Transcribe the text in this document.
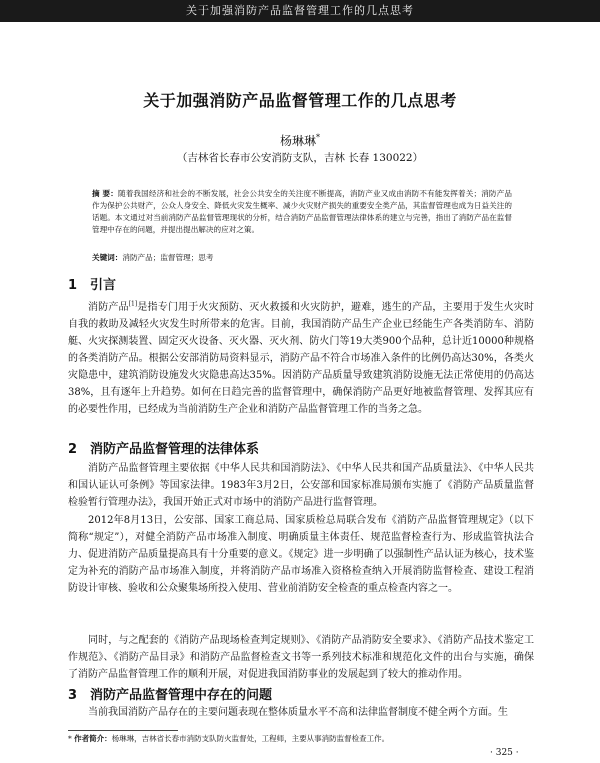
关于加强消防产品监督管理工作的几点思考
关于加强消防产品监督管理工作的几点思考
杨琳琳*
（吉林省长春市公安消防支队，吉林 长春 130022）
摘 要：随着我国经济和社会的不断发展，社会公共安全的关注度不断提高，消防产业又成由消防不有能发挥着关；消防产品作为保护公共财产，公众人身安全、降低火灾发生概率、减少火灾财产损失的重要安全类产品，其监督管理也成为日益关注的话题。本文通过对当前消防产品监督管理现状的分析，结合消防产品监督管理法律体系的建立与完善，指出了消防产品在监督管理中存在的问题，并提出提出解决的应对之策。
关键词：消防产品；监督管理；思考
1 引言
消防产品[1]是指专门用于火灾预防、灭火救援和火灾防护，避难，逃生的产品，主要用于发生火灾时自我的救助及减轻火灾发生时所带来的危害。目前，我国消防产品生产企业已经能生产各类消防车、消防艇、火灾探测装置、固定灭火设备、灭火器、灭火剂、防火门等19大类900个品种，总计近10000种规格的各类消防产品。根据公安部消防局资料显示，消防产品不符合市场准入条件的比例仍高达30%，各类火灾隐患中，建筑消防设施发火灾隐患高达35%。因消防产品质量导致建筑消防设施无法正常使用的仍高达38%，且有逐年上升趋势。如何在日趋完善的监督管理中，确保消防产品更好地被监督管理、发挥其应有的必要性作用，已经成为当前消防生产企业和消防产品监督管理工作的当务之急。
2 消防产品监督管理的法律体系
消防产品监督管理主要依据《中华人民共和国消防法》、《中华人民共和国产品质量法》、《中华人民共和国认证认可条例》等国家法律。1983年3月2日，公安部和国家标准局颁布实施了《消防产品质量监督检验暂行管理办法》，我国开始正式对市场中的消防产品进行监督管理。
2012年8月13日，公安部、国家工商总局、国家质检总局联合发布《消防产品监督管理规定》（以下简称“规定”），对健全消防产品市场准入制度、明确质量主体责任、规范监督检查行为、形成监管执法合力、促进消防产品质量提高具有十分重要的意义。《规定》进一步明确了以强制性产品认证为核心，技术鉴定为补充的消防产品市场准入制度，并将消防产品市场准入资格检查纳入开展消防监督检查、建设工程消防设计审核、验收和公众聚集场所投入使用、营业前消防安全检查的重点检查内容之一。
同时，与之配套的《消防产品现场检查判定规则》、《消防产品消防安全要求》、《消防产品技术鉴定工作规范》、《消防产品目录》和消防产品监督检查文书等一系列技术标准和规范化文件的出台与实施，确保了消防产品监督管理工作的顺利开展，对促进我国消防事业的发展起到了较大的推动作用。
3 消防产品监督管理中存在的问题
当前我国消防产品存在的主要问题表现在整体质量水平不高和法律监督制度不健全两个方面。生
* 作者简介：杨琳琳，吉林省长春市消防支队防火监督处，工程师，主要从事消防监督检查工作。
· 325 ·
